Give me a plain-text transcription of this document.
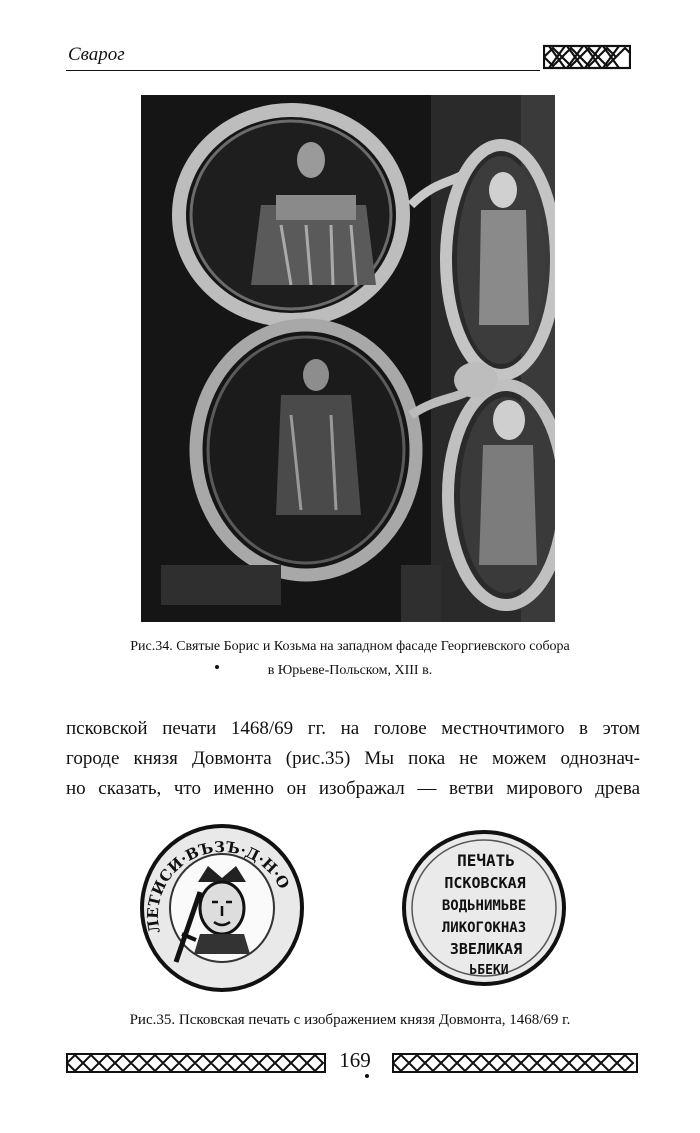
Сварог
Рис.34. Святые Борис и Козьма на западном фасаде Георгиевского собора
в Юрьеве-Польском, XIII в.
псковской печати 1468/69 гг. на голове местночтимого в этом
городе князя Довмонта (рис.35) Мы пока не можем однознач-
но сказать, что именно он изображал — ветви мирового древа
ЛЕТИСИ·ВЪЗЪ·Д·Н·О
ПЕЧАТЬ
ПСКОВСКАЯ
ВОДЬНИМЬВЕ
ЛИКОГОКНАЗ
ЗВЕЛИКАЯ
ЬБЕКИ
Рис.35. Псковская печать с изображением князя Довмонта, 1468/69 г.
169
